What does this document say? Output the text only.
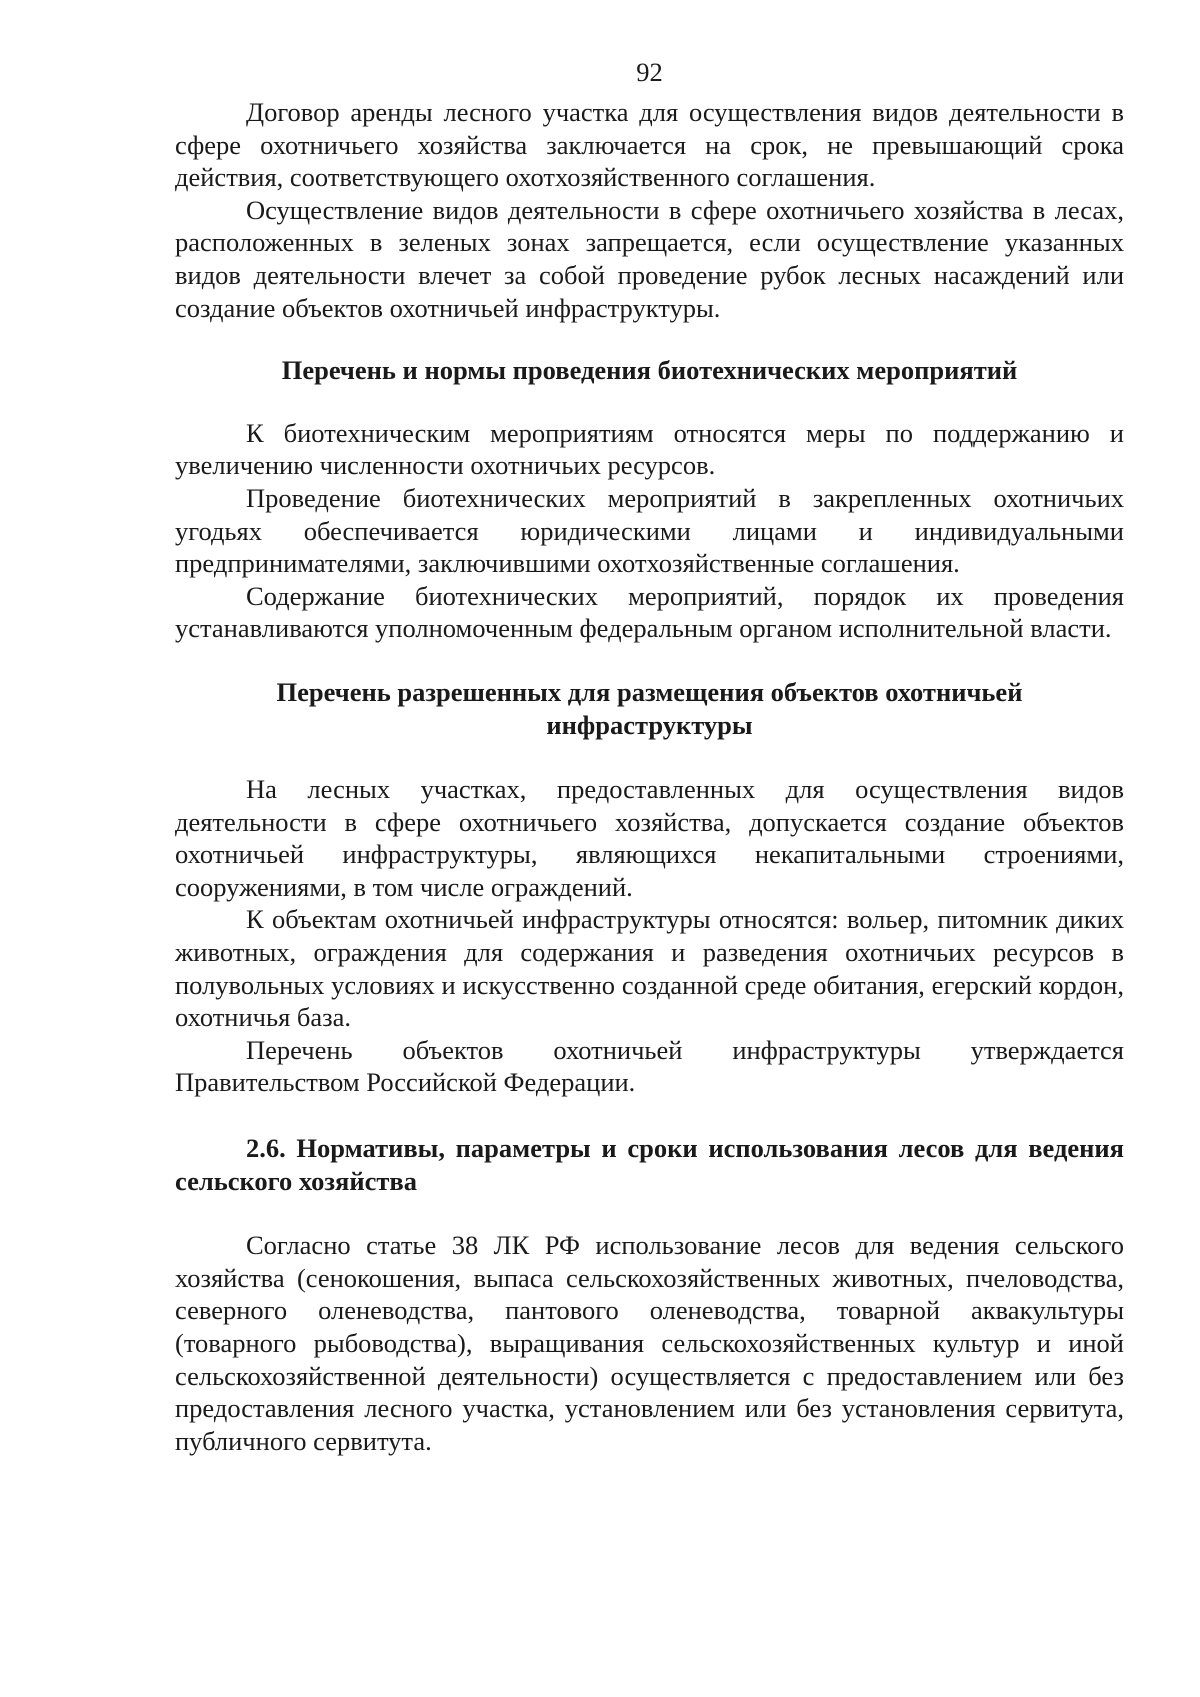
92

Договор аренды лесного участка для осуществления видов деятельности в сфере охотничьего хозяйства заключается на срок, не превышающий срока действия, соответствующего охотхозяйственного соглашения.

Осуществление видов деятельности в сфере охотничьего хозяйства в лесах, расположенных в зеленых зонах запрещается, если осуществление указанных видов деятельности влечет за собой проведение рубок лесных насаждений или создание объектов охотничьей инфраструктуры.

Перечень и нормы проведения биотехнических мероприятий

К биотехническим мероприятиям относятся меры по поддержанию и увеличению численности охотничьих ресурсов.

Проведение биотехнических мероприятий в закрепленных охотничьих угодьях обеспечивается юридическими лицами и индивидуальными предпринимателями, заключившими охотхозяйственные соглашения.

Содержание биотехнических мероприятий, порядок их проведения устанавливаются уполномоченным федеральным органом исполнительной власти.

Перечень разрешенных для размещения объектов охотничьей
инфраструктуры

На лесных участках, предоставленных для осуществления видов деятельности в сфере охотничьего хозяйства, допускается создание объектов охотничьей инфраструктуры, являющихся некапитальными строениями, сооружениями, в том числе ограждений.

К объектам охотничьей инфраструктуры относятся: вольер, питомник диких животных, ограждения для содержания и разведения охотничьих ресурсов в полувольных условиях и искусственно созданной среде обитания, егерский кордон, охотничья база.

Перечень объектов охотничьей инфраструктуры утверждается Правительством Российской Федерации.

2.6. Нормативы, параметры и сроки использования лесов для ведения сельского хозяйства

Согласно статье 38 ЛК РФ использование лесов для ведения сельского хозяйства (сенокошения, выпаса сельскохозяйственных животных, пчеловодства, северного оленеводства, пантового оленеводства, товарной аквакультуры (товарного рыбоводства), выращивания сельскохозяйственных культур и иной сельскохозяйственной деятельности) осуществляется с предоставлением или без предоставления лесного участка, установлением или без установления сервитута, публичного сервитута.
